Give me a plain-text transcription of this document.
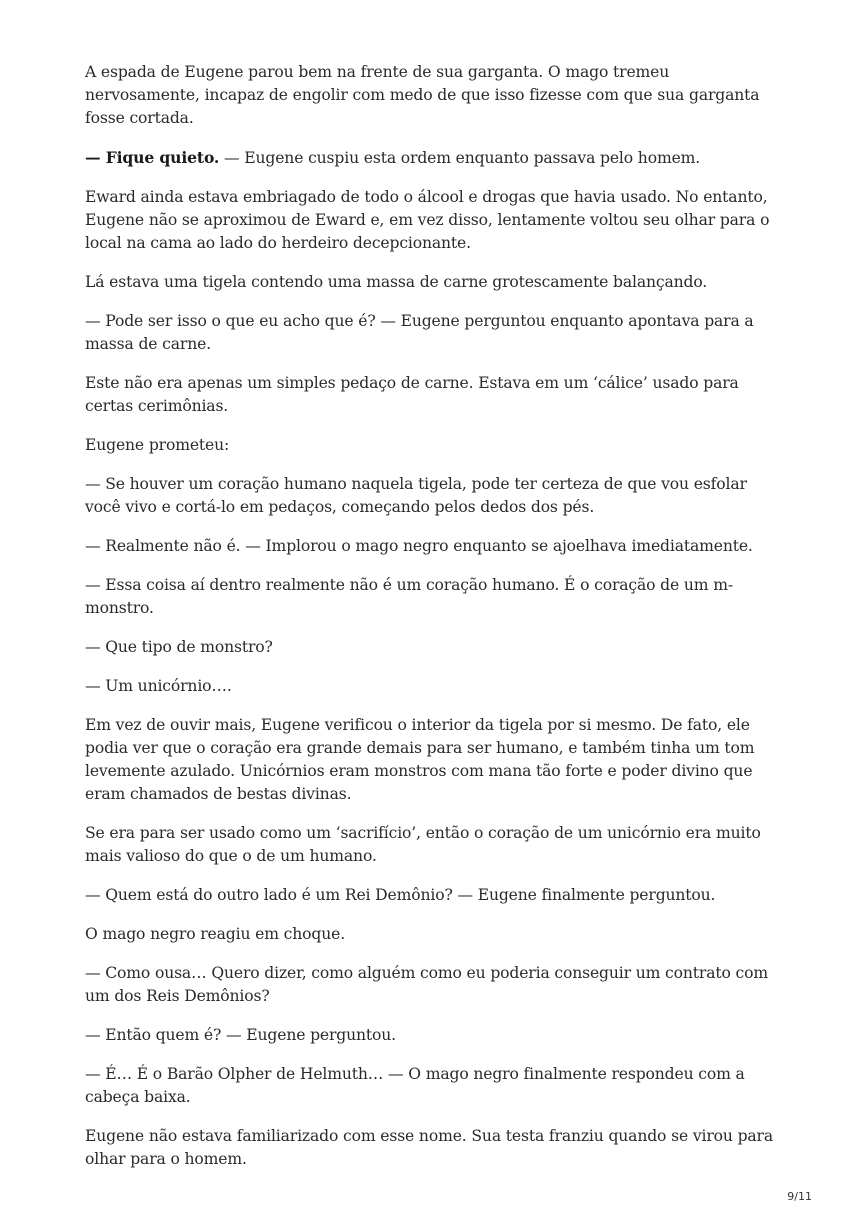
A espada de Eugene parou bem na frente de sua garganta. O mago tremeu nervosamente, incapaz de engolir com medo de que isso fizesse com que sua garganta fosse cortada.

— Fique quieto. — Eugene cuspiu esta ordem enquanto passava pelo homem.

Eward ainda estava embriagado de todo o álcool e drogas que havia usado. No entanto, Eugene não se aproximou de Eward e, em vez disso, lentamente voltou seu olhar para o local na cama ao lado do herdeiro decepcionante.

Lá estava uma tigela contendo uma massa de carne grotescamente balançando.

— Pode ser isso o que eu acho que é? — Eugene perguntou enquanto apontava para a massa de carne.

Este não era apenas um simples pedaço de carne. Estava em um ‘cálice’ usado para certas cerimônias.

Eugene prometeu:

— Se houver um coração humano naquela tigela, pode ter certeza de que vou esfolar você vivo e cortá-lo em pedaços, começando pelos dedos dos pés.

— Realmente não é. — Implorou o mago negro enquanto se ajoelhava imediatamente.

— Essa coisa aí dentro realmente não é um coração humano. É o coração de um m-monstro.

— Que tipo de monstro?

— Um unicórnio….

Em vez de ouvir mais, Eugene verificou o interior da tigela por si mesmo. De fato, ele podia ver que o coração era grande demais para ser humano, e também tinha um tom levemente azulado. Unicórnios eram monstros com mana tão forte e poder divino que eram chamados de bestas divinas.

Se era para ser usado como um ‘sacrifício’, então o coração de um unicórnio era muito mais valioso do que o de um humano.

— Quem está do outro lado é um Rei Demônio? — Eugene finalmente perguntou.

O mago negro reagiu em choque.

— Como ousa… Quero dizer, como alguém como eu poderia conseguir um contrato com um dos Reis Demônios?

— Então quem é? — Eugene perguntou.

— É… É o Barão Olpher de Helmuth… — O mago negro finalmente respondeu com a cabeça baixa.

Eugene não estava familiarizado com esse nome. Sua testa franziu quando se virou para olhar para o homem.

9/11
